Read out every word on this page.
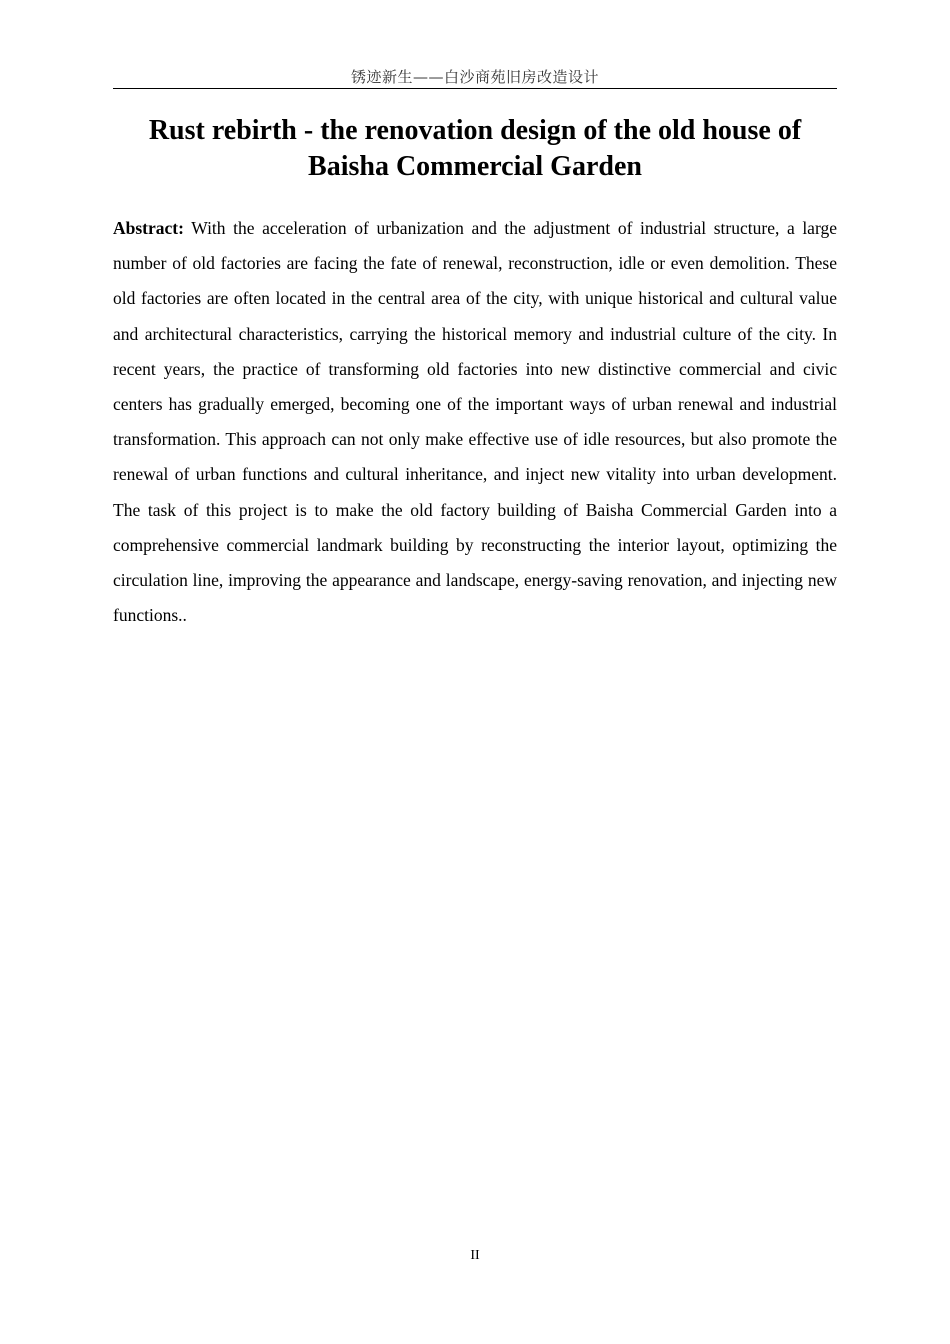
锈迹新生——白沙商苑旧房改造设计
Rust rebirth - the renovation design of the old house of Baisha Commercial Garden

Abstract: With the acceleration of urbanization and the adjustment of industrial structure, a large number of old factories are facing the fate of renewal, reconstruction, idle or even demolition. These old factories are often located in the central area of the city, with unique historical and cultural value and architectural characteristics, carrying the historical memory and industrial culture of the city. In recent years, the practice of transforming old factories into new distinctive commercial and civic centers has gradually emerged, becoming one of the important ways of urban renewal and industrial transformation. This approach can not only make effective use of idle resources, but also promote the renewal of urban functions and cultural inheritance, and inject new vitality into urban development. The task of this project is to make the old factory building of Baisha Commercial Garden into a comprehensive commercial landmark building by reconstructing the interior layout, optimizing the circulation line, improving the appearance and landscape, energy-saving renovation, and injecting new functions..

II
